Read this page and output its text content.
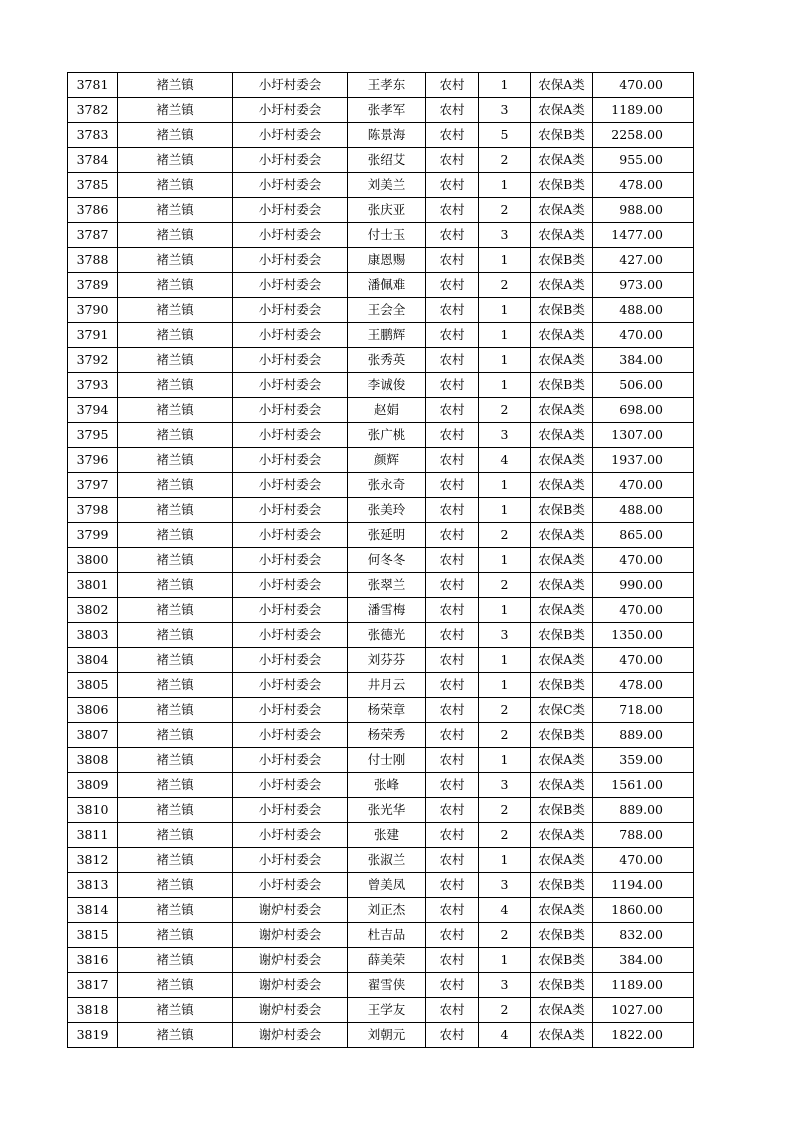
3781	褚兰镇	小圩村委会	王孝东	农村	1	农保A类	470.00
3782	褚兰镇	小圩村委会	张孝军	农村	3	农保A类	1189.00
3783	褚兰镇	小圩村委会	陈景海	农村	5	农保B类	2258.00
3784	褚兰镇	小圩村委会	张绍艾	农村	2	农保A类	955.00
3785	褚兰镇	小圩村委会	刘美兰	农村	1	农保B类	478.00
3786	褚兰镇	小圩村委会	张庆亚	农村	2	农保A类	988.00
3787	褚兰镇	小圩村委会	付士玉	农村	3	农保A类	1477.00
3788	褚兰镇	小圩村委会	康恩赐	农村	1	农保B类	427.00
3789	褚兰镇	小圩村委会	潘佩难	农村	2	农保A类	973.00
3790	褚兰镇	小圩村委会	王会全	农村	1	农保B类	488.00
3791	褚兰镇	小圩村委会	王鹏辉	农村	1	农保A类	470.00
3792	褚兰镇	小圩村委会	张秀英	农村	1	农保A类	384.00
3793	褚兰镇	小圩村委会	李诚俊	农村	1	农保B类	506.00
3794	褚兰镇	小圩村委会	赵娟	农村	2	农保A类	698.00
3795	褚兰镇	小圩村委会	张广桃	农村	3	农保A类	1307.00
3796	褚兰镇	小圩村委会	颜辉	农村	4	农保A类	1937.00
3797	褚兰镇	小圩村委会	张永奇	农村	1	农保A类	470.00
3798	褚兰镇	小圩村委会	张美玲	农村	1	农保B类	488.00
3799	褚兰镇	小圩村委会	张延明	农村	2	农保A类	865.00
3800	褚兰镇	小圩村委会	何冬冬	农村	1	农保A类	470.00
3801	褚兰镇	小圩村委会	张翠兰	农村	2	农保A类	990.00
3802	褚兰镇	小圩村委会	潘雪梅	农村	1	农保A类	470.00
3803	褚兰镇	小圩村委会	张德光	农村	3	农保B类	1350.00
3804	褚兰镇	小圩村委会	刘芬芬	农村	1	农保A类	470.00
3805	褚兰镇	小圩村委会	井月云	农村	1	农保B类	478.00
3806	褚兰镇	小圩村委会	杨荣章	农村	2	农保C类	718.00
3807	褚兰镇	小圩村委会	杨荣秀	农村	2	农保B类	889.00
3808	褚兰镇	小圩村委会	付士刚	农村	1	农保A类	359.00
3809	褚兰镇	小圩村委会	张峰	农村	3	农保A类	1561.00
3810	褚兰镇	小圩村委会	张光华	农村	2	农保B类	889.00
3811	褚兰镇	小圩村委会	张建	农村	2	农保A类	788.00
3812	褚兰镇	小圩村委会	张淑兰	农村	1	农保A类	470.00
3813	褚兰镇	小圩村委会	曾美凤	农村	3	农保B类	1194.00
3814	褚兰镇	谢炉村委会	刘正杰	农村	4	农保A类	1860.00
3815	褚兰镇	谢炉村委会	杜吉品	农村	2	农保B类	832.00
3816	褚兰镇	谢炉村委会	薛美荣	农村	1	农保B类	384.00
3817	褚兰镇	谢炉村委会	翟雪侠	农村	3	农保B类	1189.00
3818	褚兰镇	谢炉村委会	王学友	农村	2	农保A类	1027.00
3819	褚兰镇	谢炉村委会	刘朝元	农村	4	农保A类	1822.00
